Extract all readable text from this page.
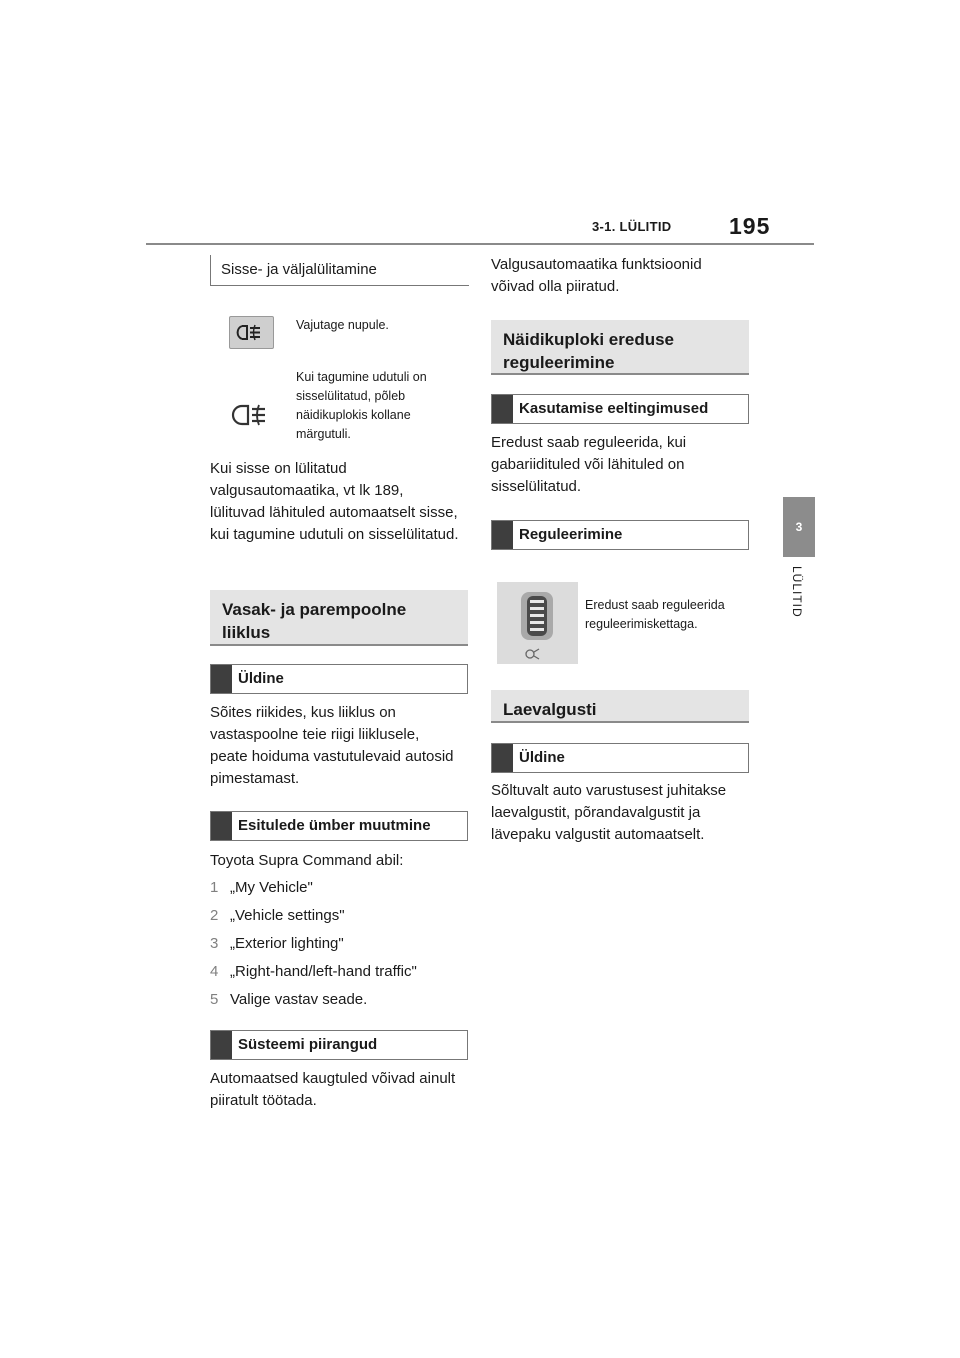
3-1. LÜLITID	195
3
LÜLITID
Sisse- ja väljalülitamine
Vajutage nupule.
Kui tagumine udutuli on sisselülitatud, põleb näidikuplokis kollane märgutuli.
Kui sisse on lülitatud valgusautomaatika, vt lk 189, lülituvad lähituled automaatselt sisse, kui tagumine udutuli on sisselülitatud.
Vasak- ja parempoolne liiklus
Üldine
Sõites riikides, kus liiklus on vastaspoolne teie riigi liiklusele, peate hoiduma vastutulevaid autosid pimestamast.
Esitulede ümber muutmine
Toyota Supra Command abil:
1 „My Vehicle"
2 „Vehicle settings"
3 „Exterior lighting"
4 „Right-hand/left-hand traffic"
5 Valige vastav seade.
Süsteemi piirangud
Automaatsed kaugtuled võivad ainult piiratult töötada.
Valgusautomaatika funktsioonid võivad olla piiratud.
Näidikuploki ereduse reguleerimine
Kasutamise eeltingimused
Eredust saab reguleerida, kui gabariidituled või lähituled on sisselülitatud.
Reguleerimine
Eredust saab reguleerida reguleerimiskettaga.
Laevalgusti
Üldine
Sõltuvalt auto varustusest juhitakse laevalgustit, põrandavalgustit ja lävepaku valgustit automaatselt.
